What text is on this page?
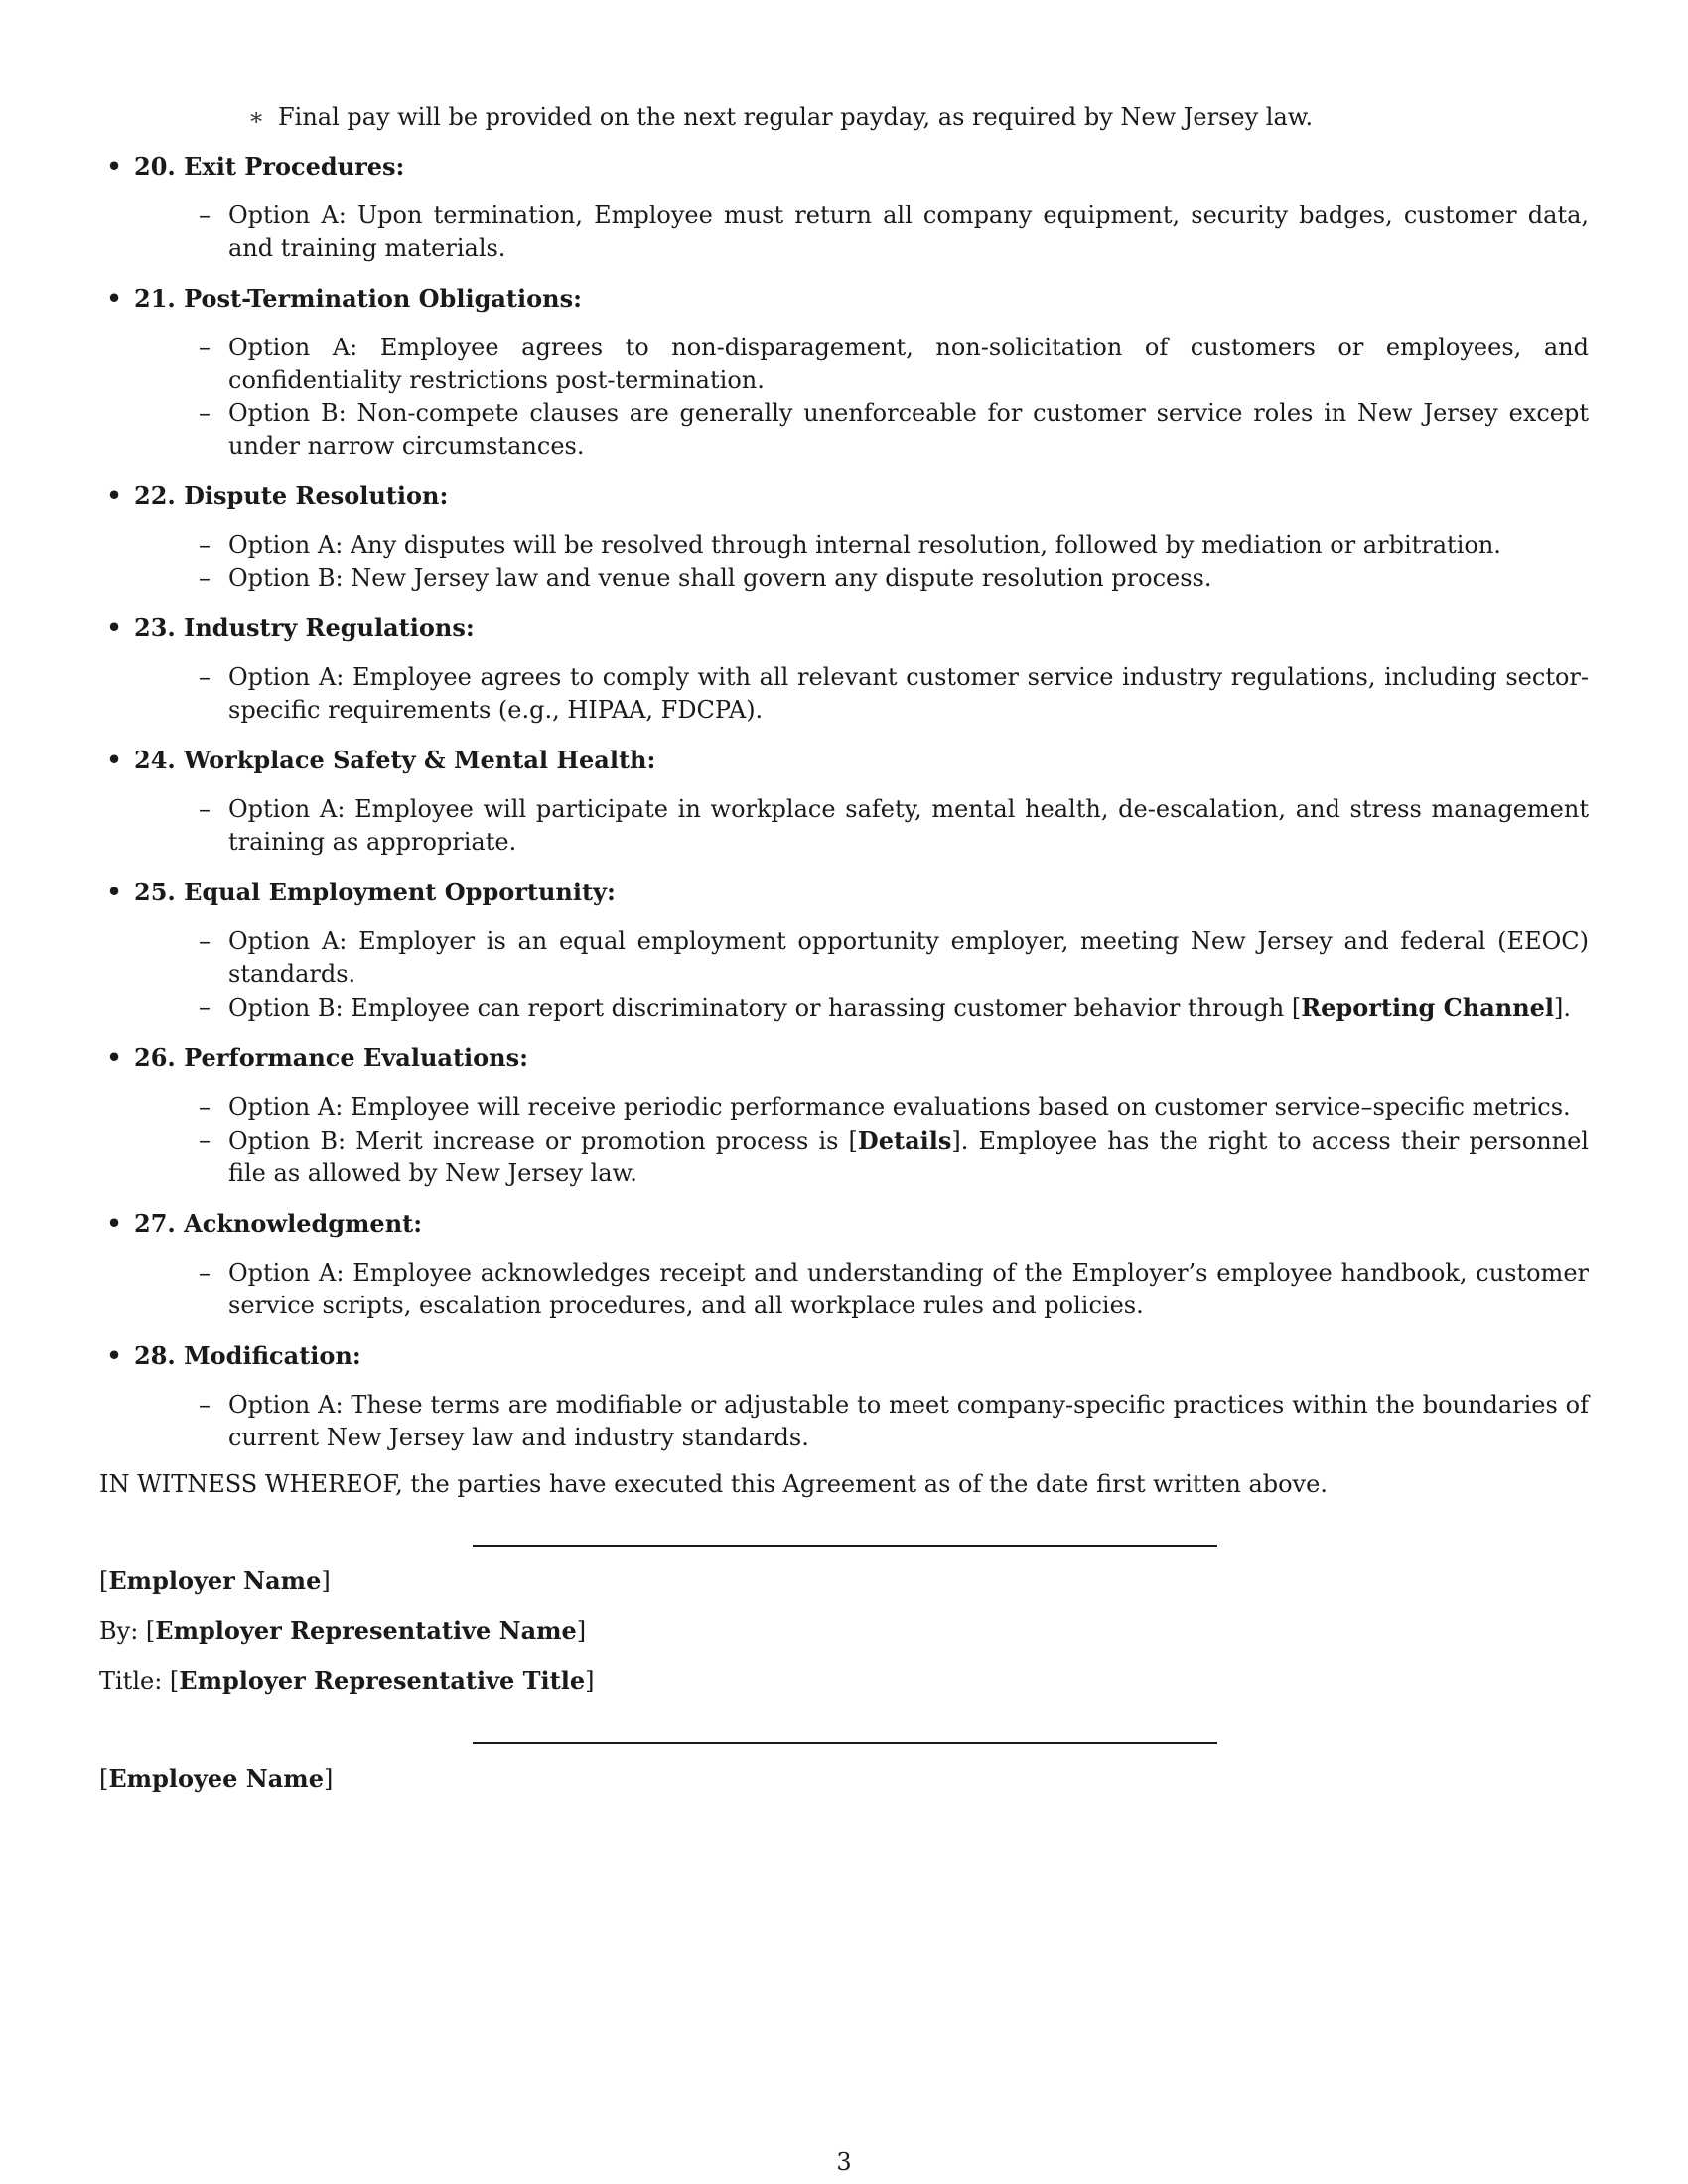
∗ Final pay will be provided on the next regular payday, as required by New Jersey law.
• 20. Exit Procedures:
– Option A: Upon termination, Employee must return all company equipment, security badges, customer data, and training materials.
• 21. Post-Termination Obligations:
– Option A: Employee agrees to non-disparagement, non-solicitation of customers or employees, and confidentiality restrictions post-termination.
– Option B: Non-compete clauses are generally unenforceable for customer service roles in New Jersey except under narrow circumstances.
• 22. Dispute Resolution:
– Option A: Any disputes will be resolved through internal resolution, followed by mediation or arbitration.
– Option B: New Jersey law and venue shall govern any dispute resolution process.
• 23. Industry Regulations:
– Option A: Employee agrees to comply with all relevant customer service industry regulations, including sector-specific requirements (e.g., HIPAA, FDCPA).
• 24. Workplace Safety & Mental Health:
– Option A: Employee will participate in workplace safety, mental health, de-escalation, and stress management training as appropriate.
• 25. Equal Employment Opportunity:
– Option A: Employer is an equal employment opportunity employer, meeting New Jersey and federal (EEOC) standards.
– Option B: Employee can report discriminatory or harassing customer behavior through [Reporting Channel].
• 26. Performance Evaluations:
– Option A: Employee will receive periodic performance evaluations based on customer service–specific metrics.
– Option B: Merit increase or promotion process is [Details]. Employee has the right to access their personnel file as allowed by New Jersey law.
• 27. Acknowledgment:
– Option A: Employee acknowledges receipt and understanding of the Employer’s employee handbook, customer service scripts, escalation procedures, and all workplace rules and policies.
• 28. Modification:
– Option A: These terms are modifiable or adjustable to meet company-specific practices within the boundaries of current New Jersey law and industry standards.
IN WITNESS WHEREOF, the parties have executed this Agreement as of the date first written above.
[Employer Name]
By: [Employer Representative Name]
Title: [Employer Representative Title]
[Employee Name]
3
